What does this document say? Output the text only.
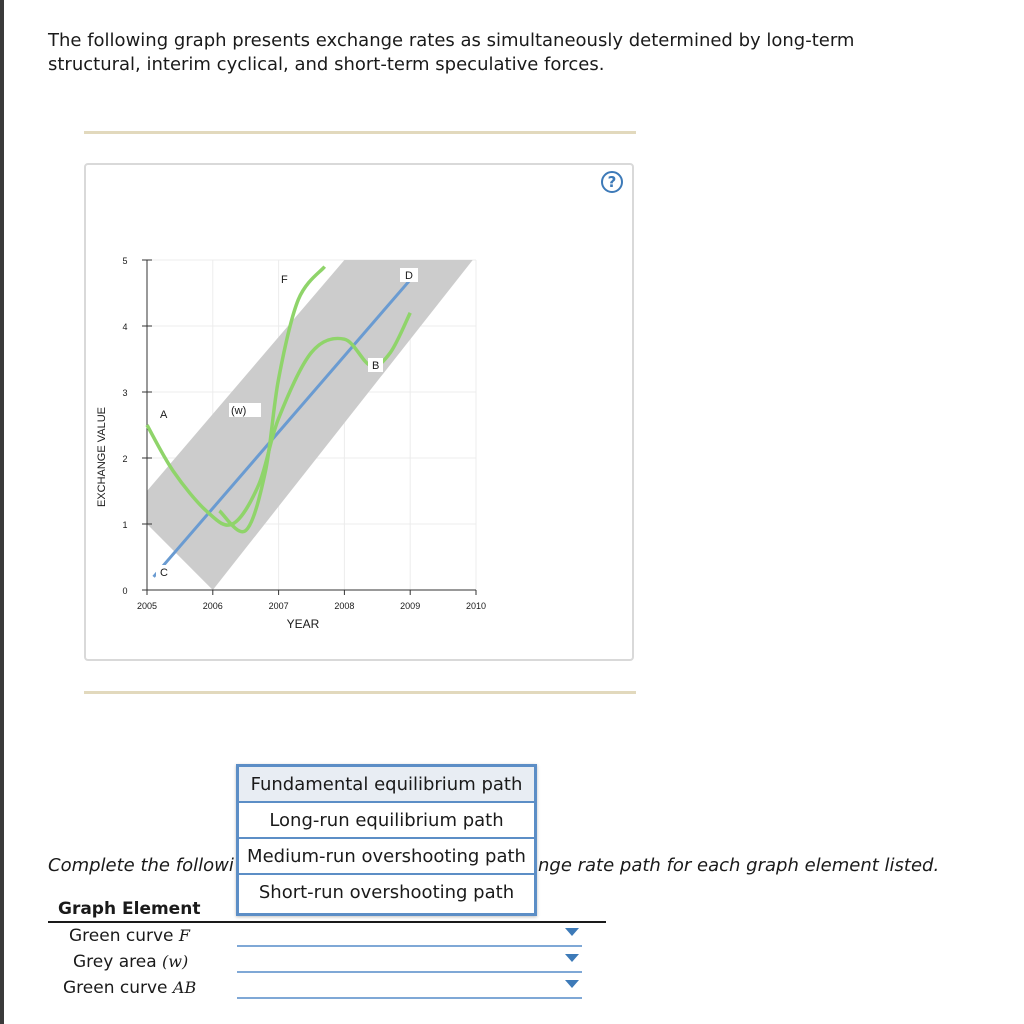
The following graph presents exchange rates as simultaneously determined by long-term structural, interim cyclical, and short-term speculative forces.
?
2005	2006	2007	2008	2009	2010
0
1
2
3
4
5
A	(w)
F	D
B
C
YEAR
EXCHANGE VALUE
Complete the followi	nge rate path for each graph element listed.
Graph Element
Green curve F
Grey area (w)
Green curve AB
Fundamental equilibrium path
Long-run equilibrium path
Medium-run overshooting path
Short-run overshooting path
